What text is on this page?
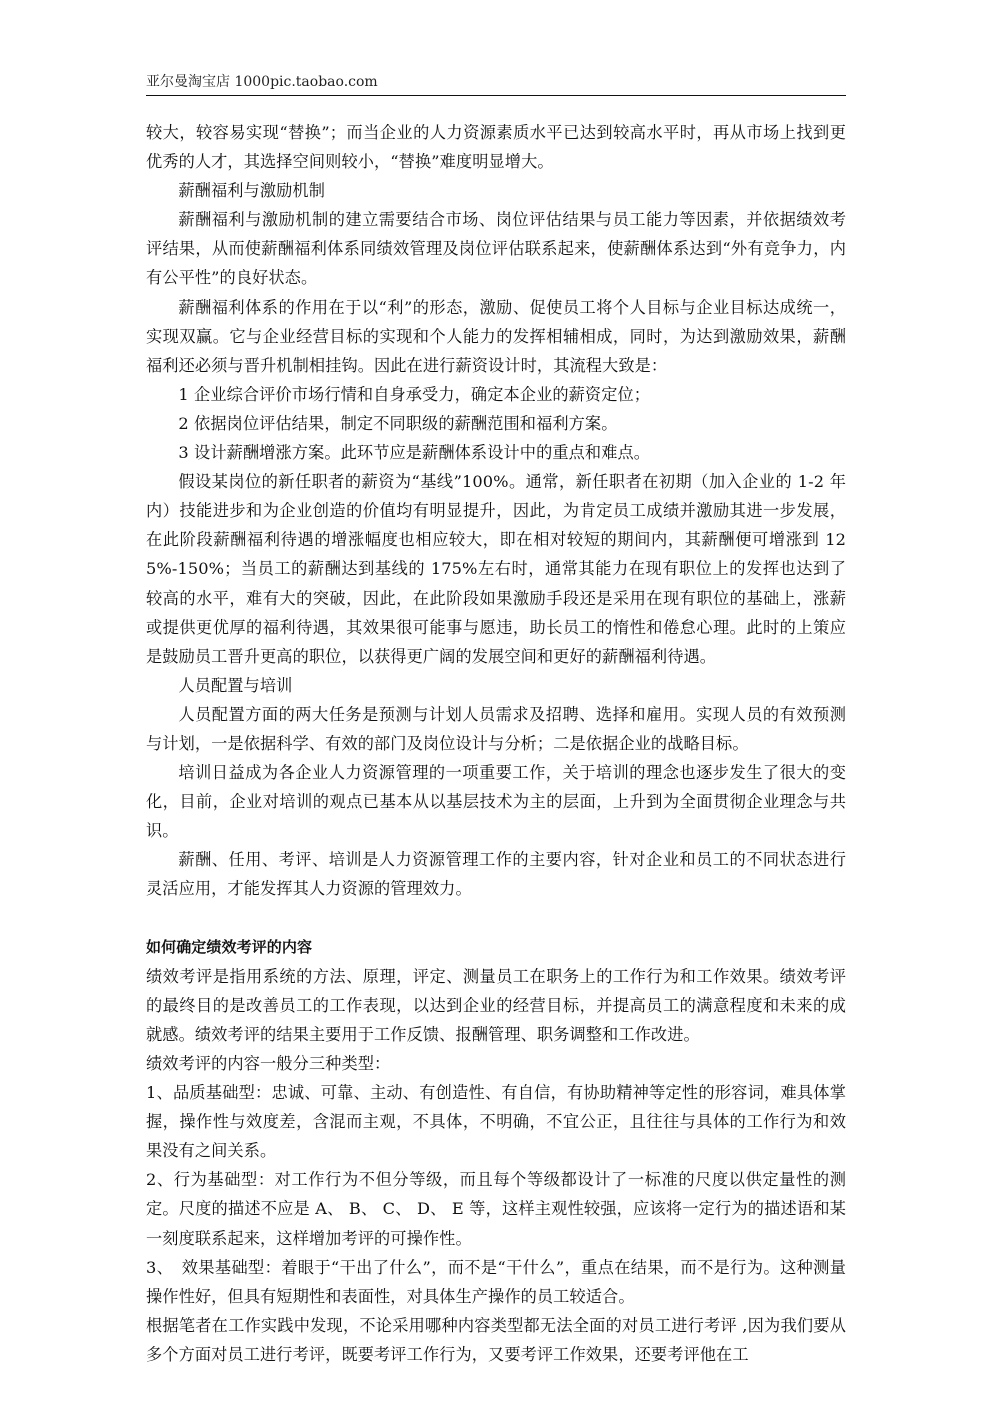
亚尔曼淘宝店 1000pic.taobao.com

较大，较容易实现“替换”；而当企业的人力资源素质水平已达到较高水平时，再从市场上找到更优秀的人才，其选择空间则较小，“替换”难度明显增大。

薪酬福利与激励机制

薪酬福利与激励机制的建立需要结合市场、岗位评估结果与员工能力等因素，并依据绩效考评结果，从而使薪酬福利体系同绩效管理及岗位评估联系起来，使薪酬体系达到“外有竞争力，内有公平性”的良好状态。

薪酬福利体系的作用在于以“利”的形态，激励、促使员工将个人目标与企业目标达成统一，实现双赢。它与企业经营目标的实现和个人能力的发挥相辅相成，同时，为达到激励效果，薪酬福利还必须与晋升机制相挂钩。因此在进行薪资设计时，其流程大致是：

1 企业综合评价市场行情和自身承受力，确定本企业的薪资定位；

2 依据岗位评估结果，制定不同职级的薪酬范围和福利方案。

3 设计薪酬增涨方案。此环节应是薪酬体系设计中的重点和难点。

假设某岗位的新任职者的薪资为“基线”100%。通常，新任职者在初期（加入企业的 1-2 年内）技能进步和为企业创造的价值均有明显提升，因此，为肯定员工成绩并激励其进一步发展，在此阶段薪酬福利待遇的增涨幅度也相应较大，即在相对较短的期间内，其薪酬便可增涨到 125%-150%；当员工的薪酬达到基线的 175%左右时，通常其能力在现有职位上的发挥也达到了较高的水平，难有大的突破，因此，在此阶段如果激励手段还是采用在现有职位的基础上，涨薪或提供更优厚的福利待遇，其效果很可能事与愿违，助长员工的惰性和倦怠心理。此时的上策应是鼓励员工晋升更高的职位，以获得更广阔的发展空间和更好的薪酬福利待遇。

人员配置与培训

人员配置方面的两大任务是预测与计划人员需求及招聘、选择和雇用。实现人员的有效预测与计划，一是依据科学、有效的部门及岗位设计与分析；二是依据企业的战略目标。

培训日益成为各企业人力资源管理的一项重要工作，关于培训的理念也逐步发生了很大的变化，目前，企业对培训的观点已基本从以基层技术为主的层面，上升到为全面贯彻企业理念与共识。

薪酬、任用、考评、培训是人力资源管理工作的主要内容，针对企业和员工的不同状态进行灵活应用，才能发挥其人力资源的管理效力。

如何确定绩效考评的内容

绩效考评是指用系统的方法、原理，评定、测量员工在职务上的工作行为和工作效果。绩效考评的最终目的是改善员工的工作表现，以达到企业的经营目标，并提高员工的满意程度和未来的成就感。绩效考评的结果主要用于工作反馈、报酬管理、职务调整和工作改进。

绩效考评的内容一般分三种类型：

1、品质基础型：忠诚、可靠、主动、有创造性、有自信，有协助精神等定性的形容词，难具体掌握，操作性与效度差，含混而主观，不具体，不明确，不宜公正，且往往与具体的工作行为和效果没有之间关系。

2、行为基础型：对工作行为不但分等级，而且每个等级都设计了一标准的尺度以供定量性的测定。尺度的描述不应是 A、 B、 C、 D、 E 等，这样主观性较强，应该将一定行为的描述语和某一刻度联系起来，这样增加考评的可操作性。

3、　效果基础型：着眼于“干出了什么”，而不是“干什么”，重点在结果，而不是行为。这种测量操作性好，但具有短期性和表面性，对具体生产操作的员工较适合。

根据笔者在工作实践中发现，不论采用哪种内容类型都无法全面的对员工进行考评 ,因为我们要从多个方面对员工进行考评，既要考评工作行为，又要考评工作效果，还要考评他在工
